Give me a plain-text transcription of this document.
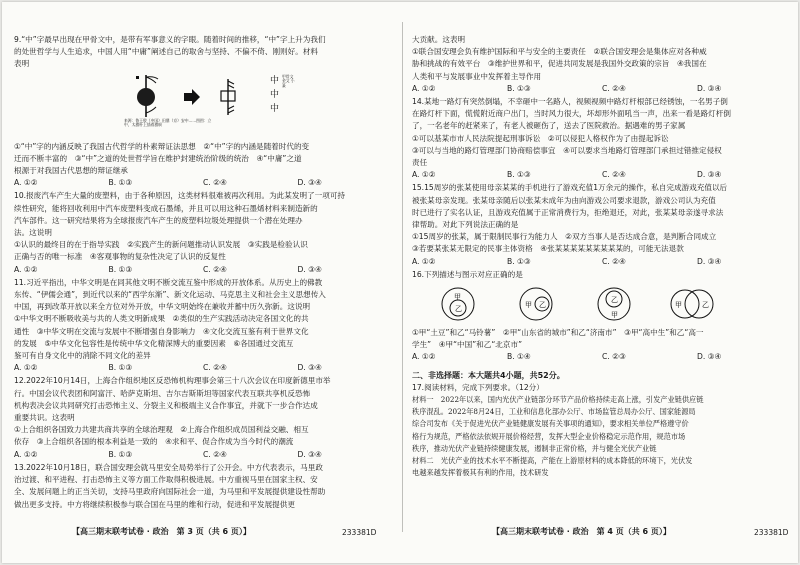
9.“中”字最早出现在甲骨文中，是带有军事意义的字眼。随着时间的推移，“中”字上升为我们
的处世哲学与人生追求，中国人用“中庸”阐述自己的取舍与坚持、不偏不倚、刚则好。材料
表明
中
中
中
来源：鲁王殷（中国）田鼎（京）安中……图图：立中，太旗杆上插着旗帜
甲骨文 金文 小篆
①“中”字的内涵反映了我国古代哲学的朴素辩证法思想　②“中”字的内涵是随着时代的变
迁而不断丰富的　③“中”之道的处世哲学旨在维护封建统治阶级的统治　④“中庸”之道
根源于对我国古代思想的辩证继承
A. ①②	B. ①③	C. ②④	D. ③④
10.报废汽车产生大量的废塑料，由于各种原因，这类材料很难被再次利用。为此某发明了一项可持
续性研究，能将回收利用中汽车废塑料变成石墨烯，并且可以用这种石墨烯材料来制造新的
汽车部件。这一研究结果将为全球报废汽车产生的废塑料垃圾处理提供一个潜在处理办
法。这说明
①认识的最终目的在于指导实践　②实践产生的新问题推动认识发展　③实践是检验认识
正确与否的唯一标准　④客观事物的复杂性决定了认识的反复性
A. ①②	B. ①③	C. ②④	D. ③④
11.习近平指出，中华文明是在同其他文明不断交流互鉴中形成的开放体系。从历史上的佛教
东传、“伊儒会通”，到近代以来的“西学东渐”、新文化运动、马克思主义和社会主义思想传入
中国，再到改革开放以来全方位对外开放，中华文明始终在兼收并蓄中历久弥新。这说明
①中华文明不断吸收美与共的人类文明新成果　②类似的生产实践活动决定各国文化的共
通性　③中华文明在交流与发展中不断增强自身影响力　④文化交流互鉴有利于世界文化
的发展　⑤中华文化包容性是传统中华文化精深博大的重要因素　⑥各国通过交流互
鉴可有自身文化中的消除不同文化的差异
A. ①②	B. ①③	C. ②④	D. ③④
12.2022年10月14日，上海合作组织地区反恐怖机构理事会第三十八次会议在印度新德里市举
行。中国会议代表团和阿富汗、哈萨克斯坦、吉尔吉斯斯坦等国家代表互联共享机反恐怖
机构表决会议共同研究打击恐怖主义、分裂主义和极端主义合作事宜，并就下一步合作达成
重要共识。这表明
①上合组织各国致力共建共商共享的全球治理观　②上海合作组织成员国利益交融、相互
依存　③上合组织各国的根本利益是一致的　④求和平、促合作成为当今时代的潮流
A. ①②	B. ①③	C. ②④	D. ③④
13.2022年10月18日，联合国安理会就马里安全局势举行了公开会。中方代表表示，马里政
治过渡、和平进程、打击恐怖主义等方面工作取得积极进展。中方重视马里在国家主权、安
全、发展问题上的正当关切，支持马里政府向国际社会一道，为马里和平发展提供建设性帮助
做出更多支持。中方将继续积极参与联合国在马里的维和行动，促进和平发展提供更
【高三期末联考试卷 · 政治　第 3 页（共 6 页）】	233381D
大贡献。这表明
①联合国安理会负有维护国际和平与安全的主要责任　②联合国安理会是集体应对各种威
胁和挑战的有效平台　③维护世界和平，促进共同发展是我国外交政策的宗旨　④我国在
人类和平与发展事业中发挥着主导作用
A. ①②	B. ①③	C. ②④	D. ③④
14.某地一路灯有突然倒塌，不幸砸中一名路人，视频视频中路灯杆根部已经锈蚀，一名男子倒
在路灯杆下面，慌慌附近商户出门，当时风力很大，坏却形外面吼当一声，出来一看是路灯杆倒
了，一名老年的赶紧来了，有老人被砸伤了，送去了医院救治。据遇难的男子家属
①可以基某市市人民法院提起刑事诉讼　②可以侵犯人格权作为了由提起诉讼
③可以与当地的路灯管理部门协商赔偿事宜　④可以要求当地路灯管理部门承担过错推定侵权
责任
A. ①②	B. ①③	C. ②④	D. ③④
15.15周岁的张某使用母亲某某的手机进行了游戏充值1万余元的操作，私自完成游戏充值以后
被张某母亲发现。张某母亲随后以张某未成年为由向游戏公司要求退款，游戏公司认为充值
时已进行了实名认证，且游戏充值属于正常消费行为，拒绝退还，对此，张某某母亲遂寻求法
律帮助。对此下列说法正确的是
①15周岁的张某，属于限制民事行为能力人　②双方当事人是否达成合意，是判断合同成立
③若要某张某无限定的民事主体资格　④张某某某某某某某某某的，可能无法退款
A. ①②	B. ①③	C. ②④	D. ③④
16.下列描述与图示对应正确的是
甲
乙	甲 乙
乙
甲
甲	乙
①甲“土豆”和乙“马铃薯”　②甲“山东省的城市”和乙“济南市”　③甲“高中生”和乙“高一
学生”　④甲“中国”和乙“北京市”
A. ①②	B. ①④	C. ②③	D. ③④
二、非选择题：本大题共4小题，共52分。
17.阅读材料，完成下列要求。（12分）
材料一　2022年以来，国内光伏产业链部分环节产品价格持续走高上涨，引发产业链供应链
秩序混乱。2022年8月24日，工业和信息化部办公厅、市场监管总局办公厅、国家能源局
综合司发布《关于促进光伏产业链健康发展有关事项的通知》，要求相关单位严格遵守价
格行为规范，严格依法依规开展价格经营，发挥大型企业价格稳定示范作用，规范市场
秩序，推动光伏产业链持续健康发展，遏制非正常价格，并与健全光伏产业链
材料二　光伏产业的技术水平不断提高，产能在上游原材料的成本降低的环境下，光伏发
电越来越发挥着极其有利的作用，技术研发
【高三期末联考试卷 · 政治　第 4 页（共 6 页）】	233381D
